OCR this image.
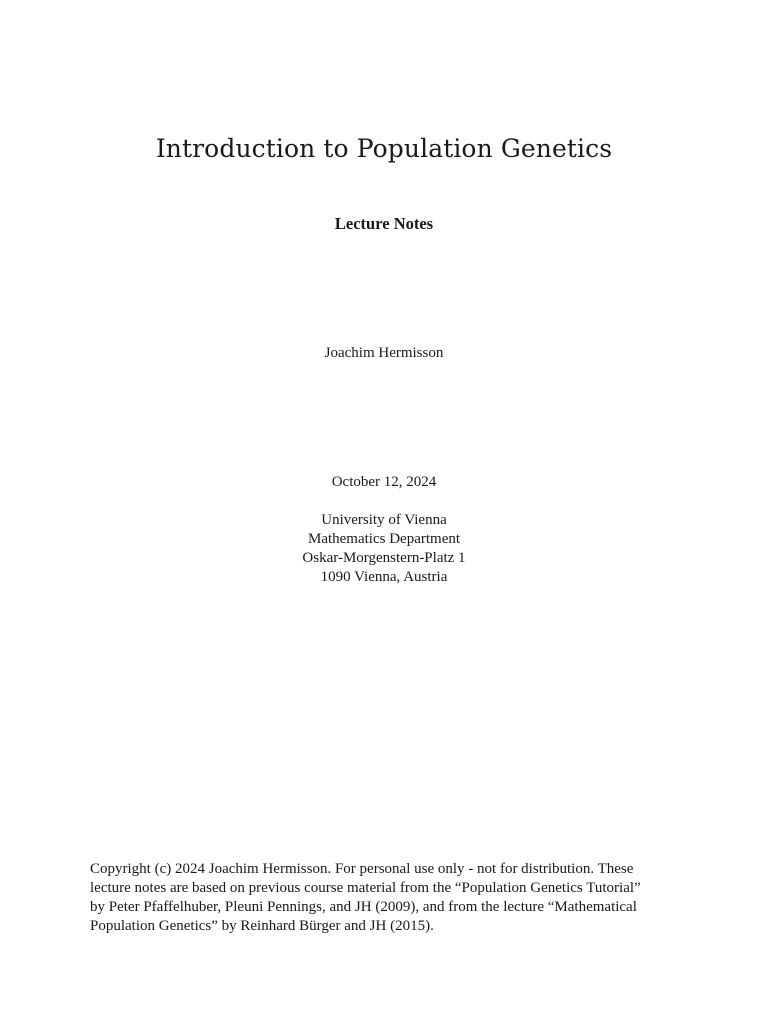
Introduction to Population Genetics
Lecture Notes
Joachim Hermisson
October 12, 2024
University of Vienna
Mathematics Department
Oskar-Morgenstern-Platz 1
1090 Vienna, Austria
Copyright (c) 2024 Joachim Hermisson. For personal use only - not for distribution. These
lecture notes are based on previous course material from the “Population Genetics Tutorial”
by Peter Pfaffelhuber, Pleuni Pennings, and JH (2009), and from the lecture “Mathematical
Population Genetics” by Reinhard Bürger and JH (2015).
